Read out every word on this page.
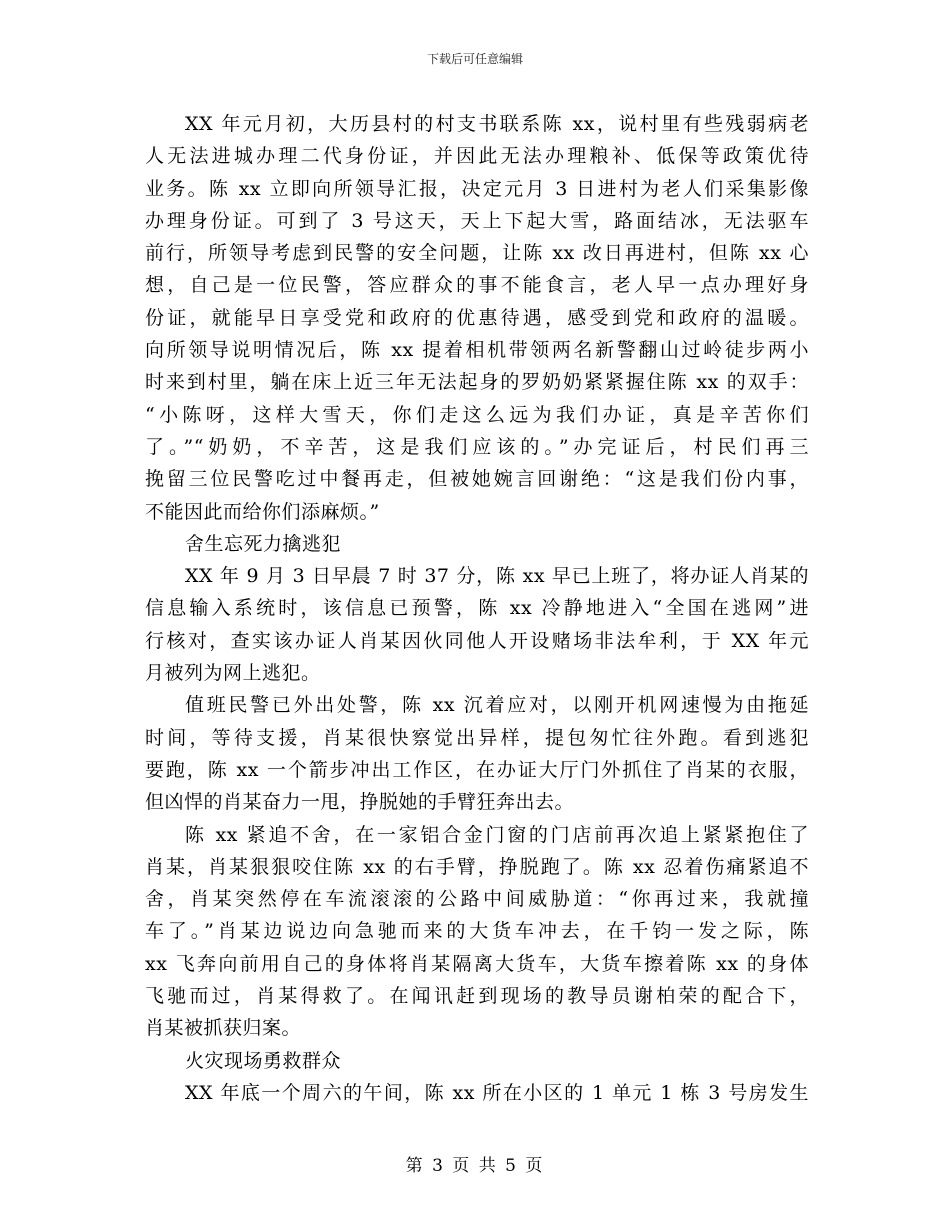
下载后可任意编辑
XX 年元月初，大历县村的村支书联系陈 xx，说村里有些残弱病老
人无法进城办理二代身份证，并因此无法办理粮补、低保等政策优待
业务。陈 xx 立即向所领导汇报，决定元月 3 日进村为老人们采集影像
办理身份证。可到了 3 号这天，天上下起大雪，路面结冰，无法驱车
前行，所领导考虑到民警的安全问题，让陈 xx 改日再进村，但陈 xx 心
想，自己是一位民警，答应群众的事不能食言，老人早一点办理好身
份证，就能早日享受党和政府的优惠待遇，感受到党和政府的温暖。
向所领导说明情况后，陈 xx 提着相机带领两名新警翻山过岭徒步两小
时来到村里，躺在床上近三年无法起身的罗奶奶紧紧握住陈 xx 的双手：
“小陈呀，这样大雪天，你们走这么远为我们办证，真是辛苦你们
了。”“奶奶，不辛苦，这是我们应该的。”办完证后，村民们再三
挽留三位民警吃过中餐再走，但被她婉言回谢绝：“这是我们份内事，
不能因此而给你们添麻烦。”
舍生忘死力擒逃犯
XX 年 9 月 3 日早晨 7 时 37 分，陈 xx 早已上班了，将办证人肖某的
信息输入系统时，该信息已预警，陈 xx 冷静地进入“全国在逃网”进
行核对，查实该办证人肖某因伙同他人开设赌场非法牟利，于 XX 年元
月被列为网上逃犯。
值班民警已外出处警，陈 xx 沉着应对，以刚开机网速慢为由拖延
时间，等待支援，肖某很快察觉出异样，提包匆忙往外跑。看到逃犯
要跑，陈 xx 一个箭步冲出工作区，在办证大厅门外抓住了肖某的衣服，
但凶悍的肖某奋力一甩，挣脱她的手臂狂奔出去。
陈 xx 紧追不舍，在一家铝合金门窗的门店前再次追上紧紧抱住了
肖某，肖某狠狠咬住陈 xx 的右手臂，挣脱跑了。陈 xx 忍着伤痛紧追不
舍，肖某突然停在车流滚滚的公路中间威胁道：“你再过来，我就撞
车了。”肖某边说边向急驰而来的大货车冲去，在千钧一发之际，陈
xx 飞奔向前用自己的身体将肖某隔离大货车，大货车擦着陈 xx 的身体
飞驰而过，肖某得救了。在闻讯赶到现场的教导员谢柏荣的配合下，
肖某被抓获归案。
火灾现场勇救群众
XX 年底一个周六的午间，陈 xx 所在小区的 1 单元 1 栋 3 号房发生
第 3 页 共 5 页
